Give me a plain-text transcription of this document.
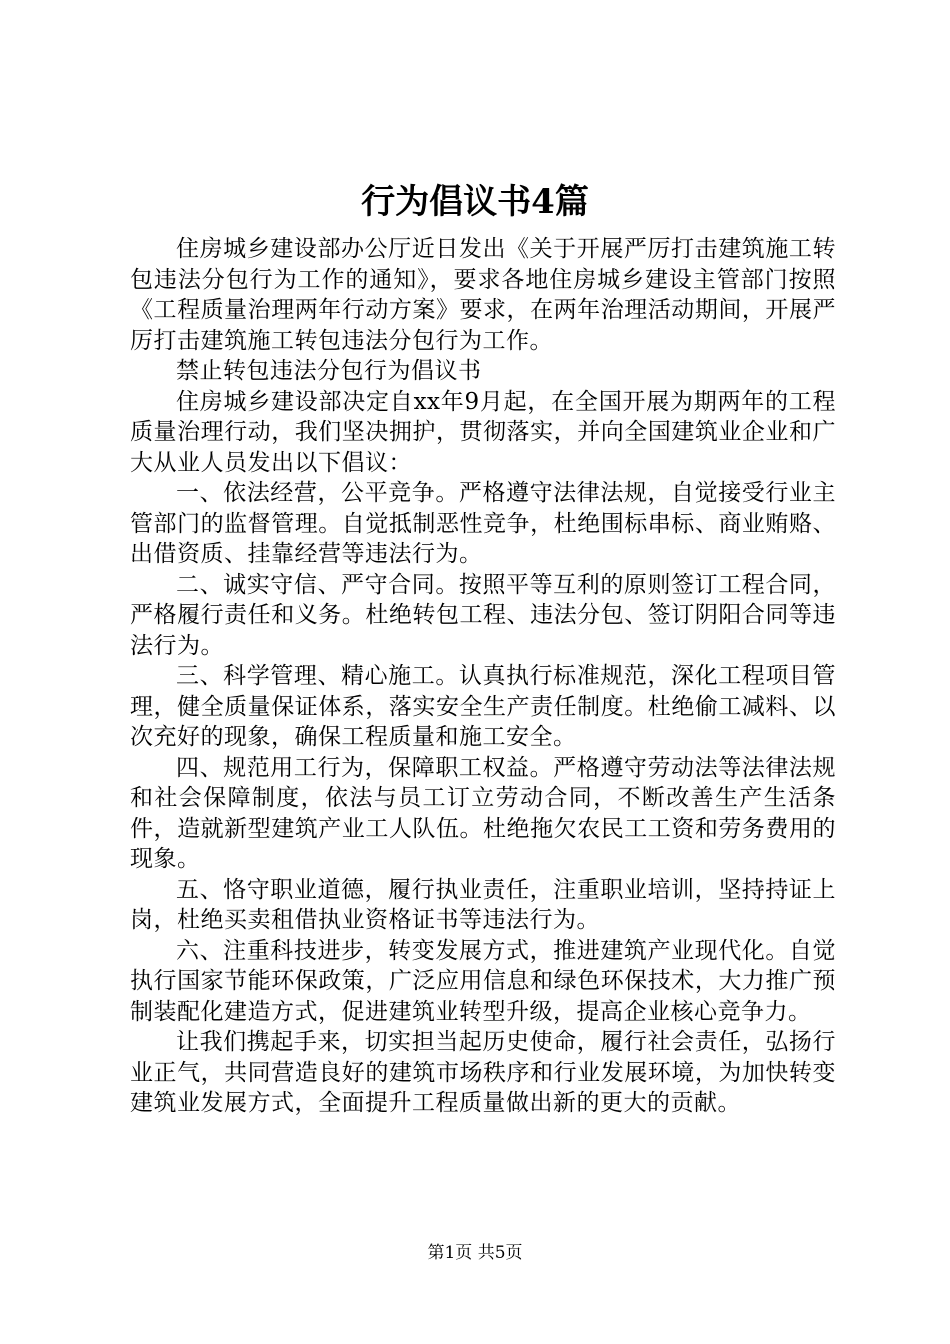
行为倡议书4篇

住房城乡建设部办公厅近日发出《关于开展严厉打击建筑施工转包违法分包行为工作的通知》，要求各地住房城乡建设主管部门按照《工程质量治理两年行动方案》要求，在两年治理活动期间，开展严厉打击建筑施工转包违法分包行为工作。

禁止转包违法分包行为倡议书

住房城乡建设部决定自xx年9月起，在全国开展为期两年的工程质量治理行动，我们坚决拥护，贯彻落实，并向全国建筑业企业和广大从业人员发出以下倡议：

一、依法经营，公平竞争。严格遵守法律法规，自觉接受行业主管部门的监督管理。自觉抵制恶性竞争，杜绝围标串标、商业贿赂、出借资质、挂靠经营等违法行为。

二、诚实守信、严守合同。按照平等互利的原则签订工程合同，严格履行责任和义务。杜绝转包工程、违法分包、签订阴阳合同等违法行为。

三、科学管理、精心施工。认真执行标准规范，深化工程项目管理，健全质量保证体系，落实安全生产责任制度。杜绝偷工减料、以次充好的现象，确保工程质量和施工安全。

四、规范用工行为，保障职工权益。严格遵守劳动法等法律法规和社会保障制度，依法与员工订立劳动合同，不断改善生产生活条件，造就新型建筑产业工人队伍。杜绝拖欠农民工工资和劳务费用的现象。

五、恪守职业道德，履行执业责任，注重职业培训，坚持持证上岗，杜绝买卖租借执业资格证书等违法行为。

六、注重科技进步，转变发展方式，推进建筑产业现代化。自觉执行国家节能环保政策，广泛应用信息和绿色环保技术，大力推广预制装配化建造方式，促进建筑业转型升级，提高企业核心竞争力。

让我们携起手来，切实担当起历史使命，履行社会责任，弘扬行业正气，共同营造良好的建筑市场秩序和行业发展环境，为加快转变建筑业发展方式，全面提升工程质量做出新的更大的贡献。

第1页 共5页
